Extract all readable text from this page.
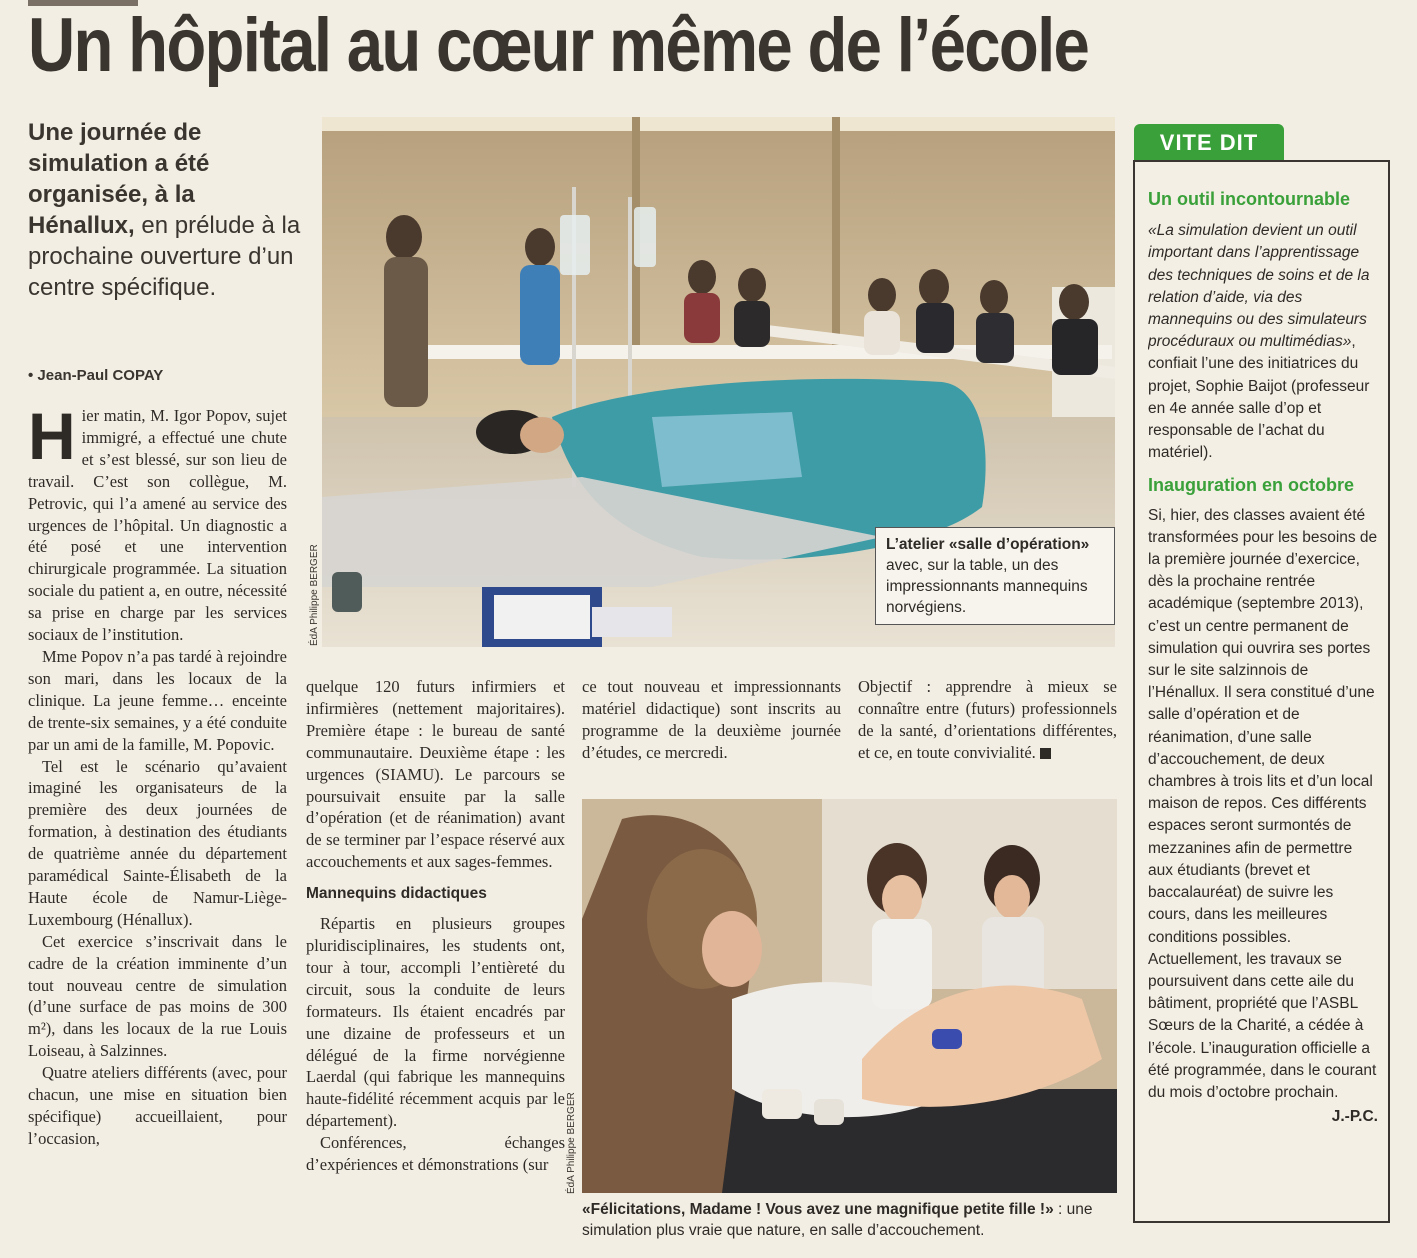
Un hôpital au cœur même de l’école
Une journée de simulation a été organisée, à la Hénallux, en prélude à la prochaine ouverture d’un centre spécifique.
• Jean-Paul COPAY
H ier matin, M. Igor Popov, sujet immigré, a effectué une chute et s’est blessé, sur son lieu de travail. C’est son collègue, M. Petrovic, qui l’a amené au service des urgences de l’hôpital. Un diagnostic a été posé et une intervention chirurgicale programmée. La situation sociale du patient a, en outre, nécessité sa prise en charge par les services sociaux de l’institution.

Mme Popov n’a pas tardé à rejoindre son mari, dans les locaux de la clinique. La jeune femme… enceinte de trente-six semaines, y a été conduite par un ami de la famille, M. Popovic.

Tel est le scénario qu’avaient imaginé les organisateurs de la première des deux journées de formation, à destination des étudiants de quatrième année du département paramédical Sainte-Élisabeth de la Haute école de Namur-Liège-Luxembourg (Hénallux).

Cet exercice s’inscrivait dans le cadre de la création imminente d’un tout nouveau centre de simulation (d’une surface de pas moins de 300 m²), dans les locaux de la rue Louis Loiseau, à Salzinnes.

Quatre ateliers différents (avec, pour chacun, une mise en situation bien spécifique) accueillaient, pour l’occasion,

ÉdA Philippe BERGER	L’atelier «salle d’opération»
avec, sur la table, un des impressionnants mannequins norvégiens.

quelque 120 futurs infirmiers et infirmières (nettement majoritaires). Première étape : le bureau de santé communautaire. Deuxième étape : les urgences (SIAMU). Le parcours se poursuivait ensuite par la salle d’opération (et de réanimation) avant de se terminer par l’espace réservé aux accouchements et aux sages-femmes.

Mannequins didactiques

Répartis en plusieurs groupes pluridisciplinaires, les students ont, tour à tour, accompli l’entièreté du circuit, sous la conduite de leurs formateurs. Ils étaient encadrés par une dizaine de professeurs et un délégué de la firme norvégienne Laerdal (qui fabrique les mannequins haute-fidélité récemment acquis par le département).

Conférences, échanges d’expériences et démonstrations (sur

ce tout nouveau et impressionnants matériel didactique) sont inscrits au programme de la deuxième journée d’études, ce mercredi.

Objectif : apprendre à mieux se connaître entre (futurs) professionnels de la santé, d’orientations différentes, et ce, en toute convivialité.

ÉdA Philippe BERGER
«Félicitations, Madame ! Vous avez une magnifique petite fille !» : une simulation plus vraie que nature, en salle d’accouchement.
VITE DIT
Un outil incontournable
«La simulation devient un outil important dans l’apprentissage des techniques de soins et de la relation d’aide, via des mannequins ou des simulateurs procéduraux ou multimédias», confiait l’une des initiatrices du projet, Sophie Baijot (professeur en 4e année salle d’op et responsable de l’achat du matériel).
Inauguration en octobre
Si, hier, des classes avaient été transformées pour les besoins de la première journée d’exercice, dès la prochaine rentrée académique (septembre 2013), c’est un centre permanent de simulation qui ouvrira ses portes sur le site salzinnois de l’Hénallux. Il sera constitué d’une salle d’opération et de réanimation, d’une salle d’accouchement, de deux chambres à trois lits et d’un local maison de repos. Ces différents espaces seront surmontés de mezzanines afin de permettre aux étudiants (brevet et baccalauréat) de suivre les cours, dans les meilleures conditions possibles. Actuellement, les travaux se poursuivent dans cette aile du bâtiment, propriété que l’ASBL Sœurs de la Charité, a cédée à l’école. L’inauguration officielle a été programmée, dans le courant du mois d’octobre prochain.
J.-P.C.
